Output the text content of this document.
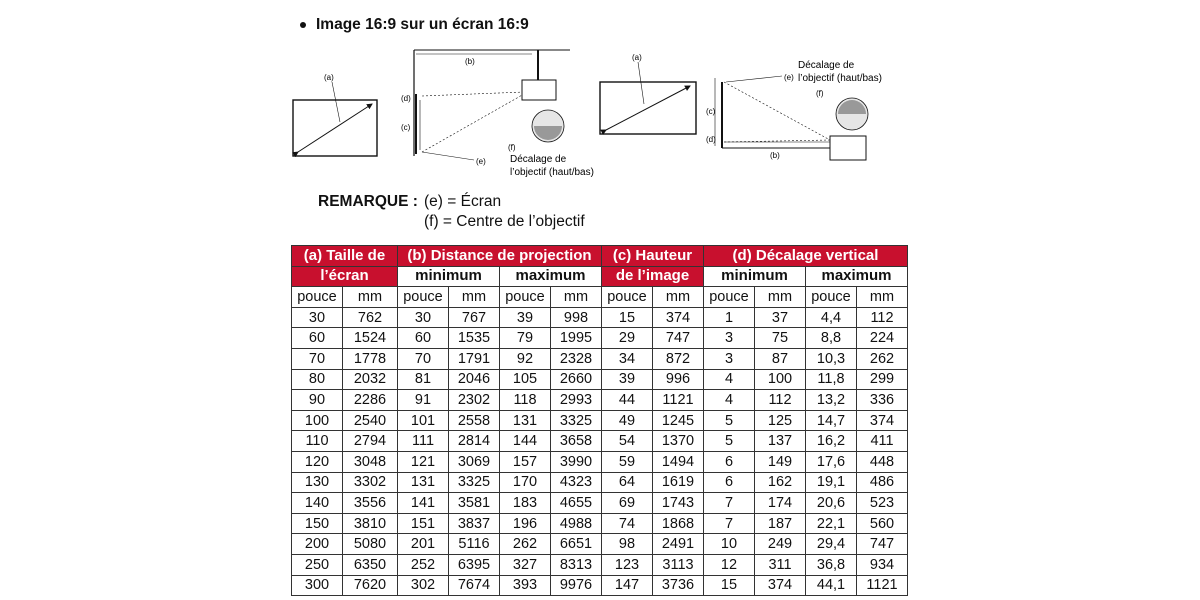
Image 16:9 sur un écran 16:9
(a)
(b)
(c)
(d)
(f)
(e) Décalage de
l’objectif (haut/bas)
(a)
(c)
(d)
(b)
(e)
(f)
Décalage de
l’objectif (haut/bas)
REMARQUE : (e) = Écran
(f) = Centre de l’objectif
(a) Taille de		(b) Distance de projection				(c) Hauteur		(d) Décalage vertical			
l’écran		minimum		maximum		de l’image		minimum		maximum	
pouce	mm	pouce	mm	pouce	mm	pouce	mm	pouce	mm	pouce	mm
30	762	30	767	39	998	15	374	1	37	4,4	112
60	1524	60	1535	79	1995	29	747	3	75	8,8	224
70	1778	70	1791	92	2328	34	872	3	87	10,3	262
80	2032	81	2046	105	2660	39	996	4	100	11,8	299
90	2286	91	2302	118	2993	44	1121	4	112	13,2	336
100	2540	101	2558	131	3325	49	1245	5	125	14,7	374
110	2794	111	2814	144	3658	54	1370	5	137	16,2	411
120	3048	121	3069	157	3990	59	1494	6	149	17,6	448
130	3302	131	3325	170	4323	64	1619	6	162	19,1	486
140	3556	141	3581	183	4655	69	1743	7	174	20,6	523
150	3810	151	3837	196	4988	74	1868	7	187	22,1	560
200	5080	201	5116	262	6651	98	2491	10	249	29,4	747
250	6350	252	6395	327	8313	123	3113	12	311	36,8	934
300	7620	302	7674	393	9976	147	3736	15	374	44,1	1121
